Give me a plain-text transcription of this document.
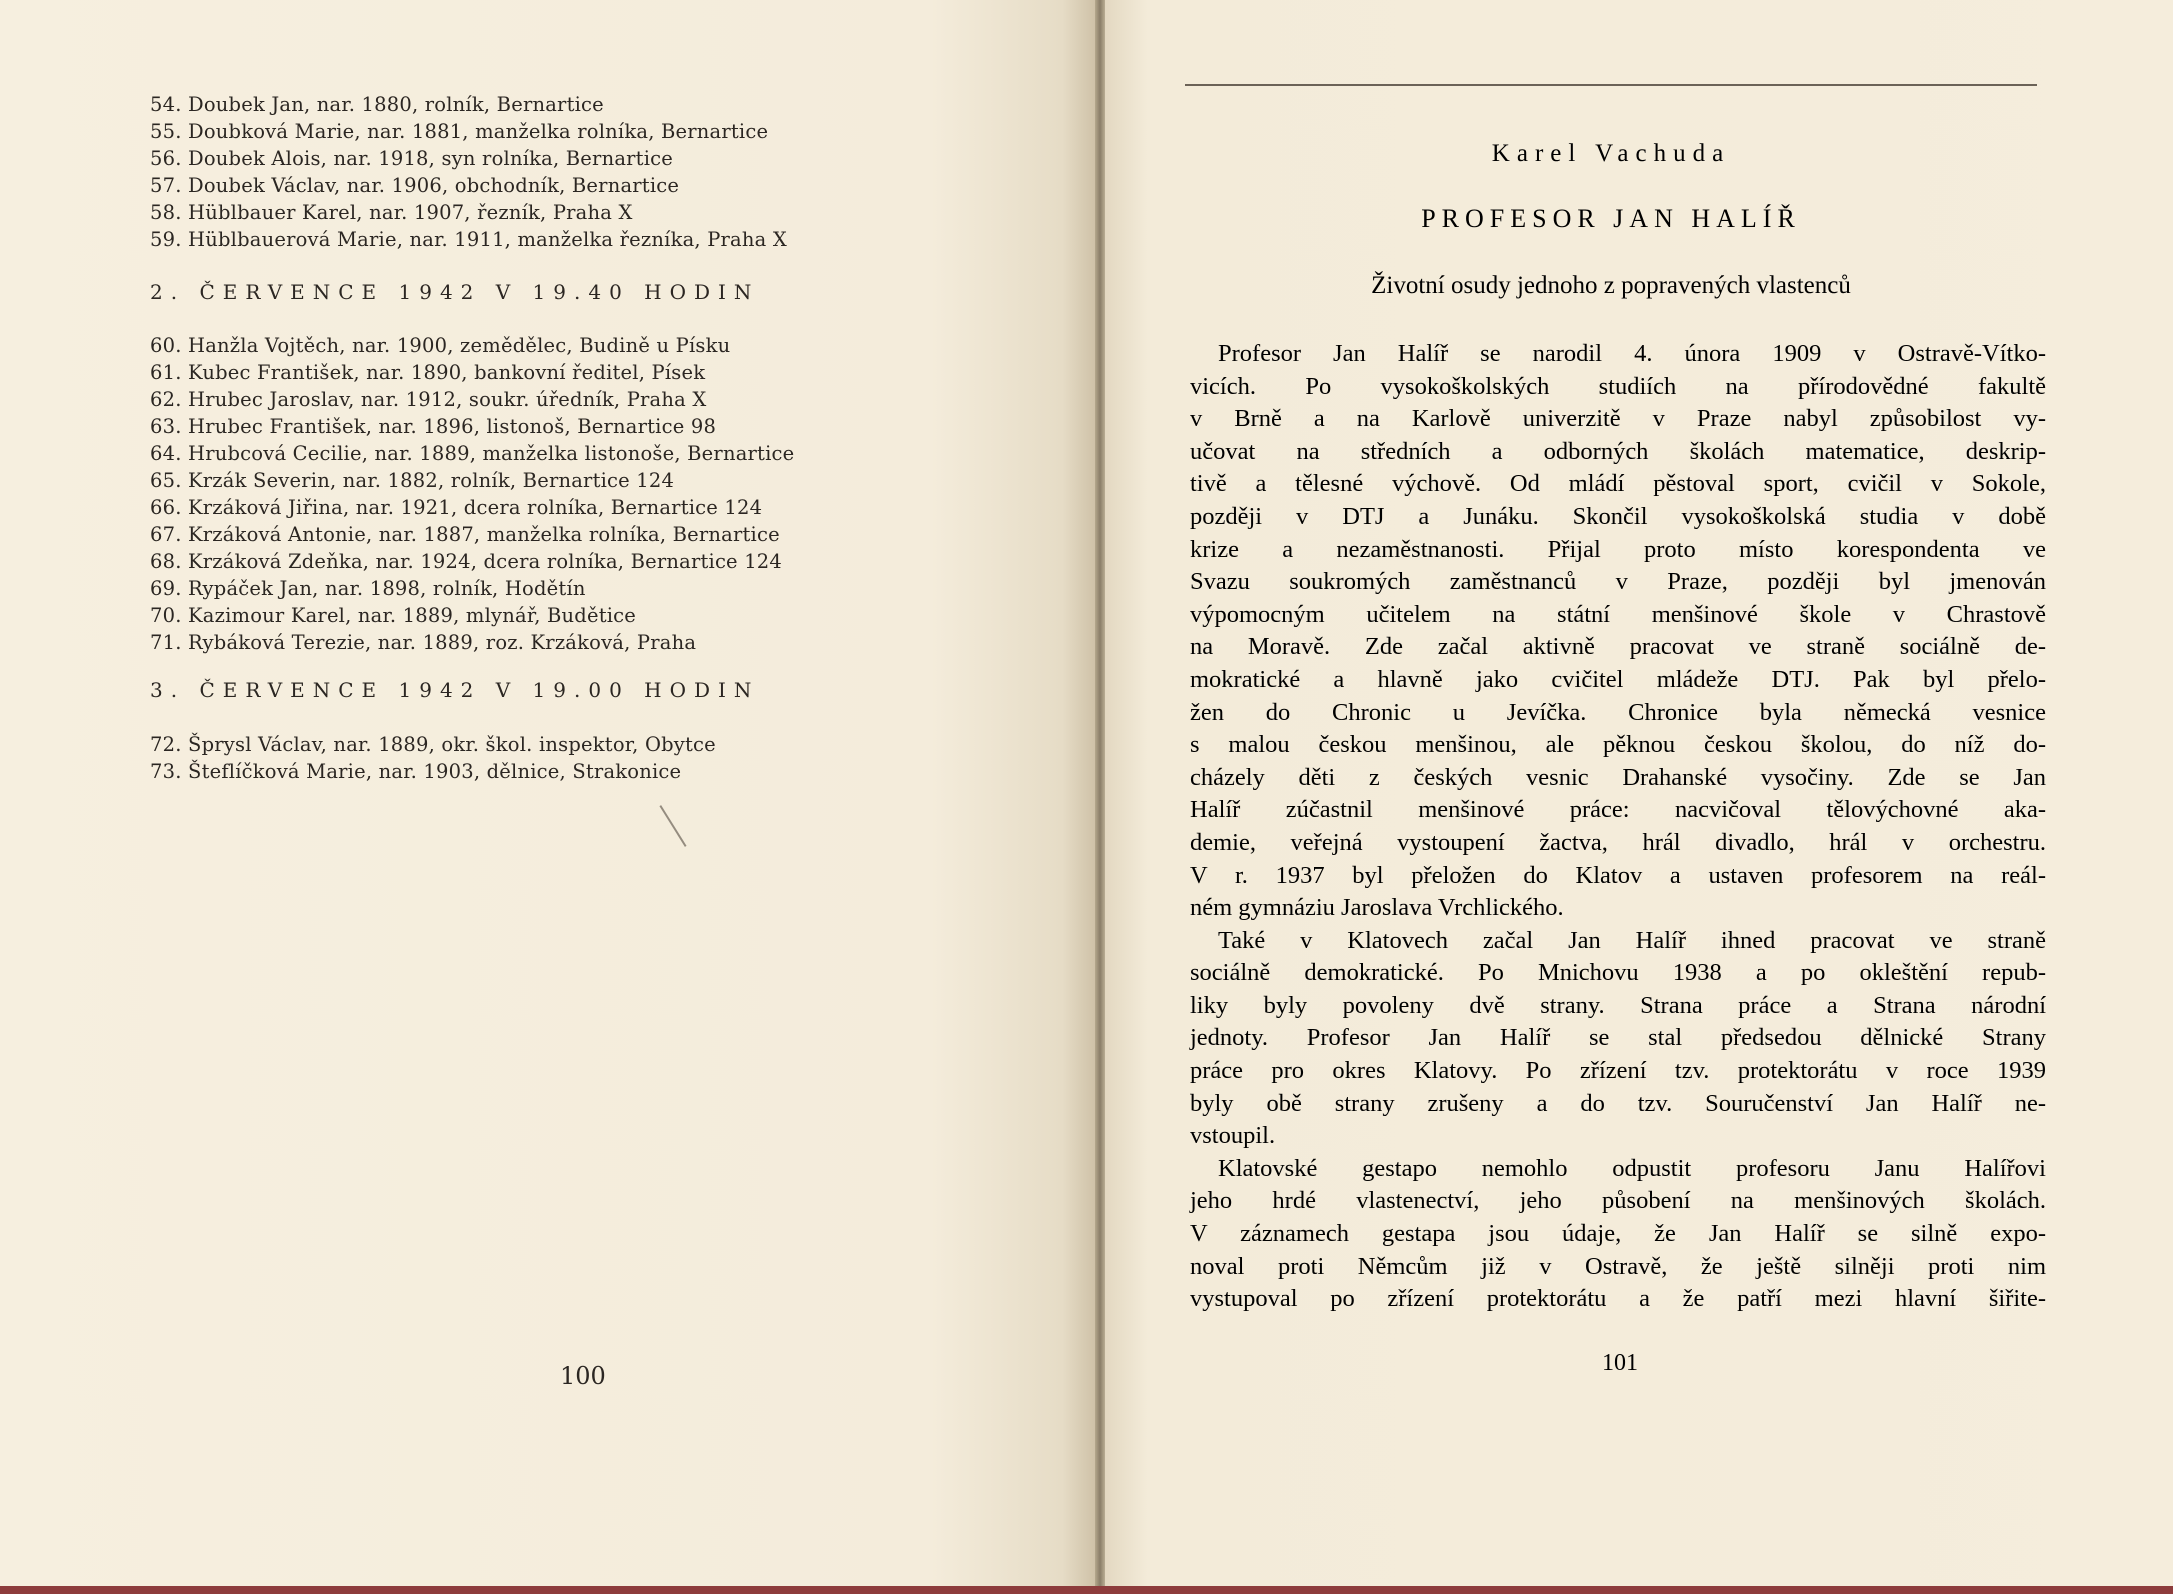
54. Doubek Jan, nar. 1880, rolník, Bernartice
55. Doubková Marie, nar. 1881, manželka rolníka, Bernartice
56. Doubek Alois, nar. 1918, syn rolníka, Bernartice
57. Doubek Václav, nar. 1906, obchodník, Bernartice
58. Hüblbauer Karel, nar. 1907, řezník, Praha X
59. Hüblbauerová Marie, nar. 1911, manželka řezníka, Praha X
2. ČERVENCE 1942 V 19.40 HODIN
60. Hanžla Vojtěch, nar. 1900, zemědělec, Budině u Písku
61. Kubec František, nar. 1890, bankovní ředitel, Písek
62. Hrubec Jaroslav, nar. 1912, soukr. úředník, Praha X
63. Hrubec František, nar. 1896, listonoš, Bernartice 98
64. Hrubcová Cecilie, nar. 1889, manželka listonoše, Bernartice
65. Krzák Severin, nar. 1882, rolník, Bernartice 124
66. Krzáková Jiřina, nar. 1921, dcera rolníka, Bernartice 124
67. Krzáková Antonie, nar. 1887, manželka rolníka, Bernartice
68. Krzáková Zdeňka, nar. 1924, dcera rolníka, Bernartice 124
69. Rypáček Jan, nar. 1898, rolník, Hodětín
70. Kazimour Karel, nar. 1889, mlynář, Budětice
71. Rybáková Terezie, nar. 1889, roz. Krzáková, Praha
3. ČERVENCE 1942 V 19.00 HODIN
72. Šprysl Václav, nar. 1889, okr. škol. inspektor, Obytce
73. Šteflíčková Marie, nar. 1903, dělnice, Strakonice
100
Karel Vachuda
PROFESOR JAN HALÍŘ
Životní osudy jednoho z popravených vlastenců
Profesor Jan Halíř se narodil 4. února 1909 v Ostravě-Vítko-
vicích. Po vysokoškolských studiích na přírodovědné fakultě
v Brně a na Karlově univerzitě v Praze nabyl způsobilost vy-
učovat na středních a odborných školách matematice, deskrip-
tivě a tělesné výchově. Od mládí pěstoval sport, cvičil v Sokole,
později v DTJ a Junáku. Skončil vysokoškolská studia v době
krize a nezaměstnanosti. Přijal proto místo korespondenta ve
Svazu soukromých zaměstnanců v Praze, později byl jmenován
výpomocným učitelem na státní menšinové škole v Chrastově
na Moravě. Zde začal aktivně pracovat ve straně sociálně de-
mokratické a hlavně jako cvičitel mládeže DTJ. Pak byl přelo-
žen do Chronic u Jevíčka. Chronice byla německá vesnice
s malou českou menšinou, ale pěknou českou školou, do níž do-
cházely děti z českých vesnic Drahanské vysočiny. Zde se Jan
Halíř zúčastnil menšinové práce: nacvičoval tělovýchovné aka-
demie, veřejná vystoupení žactva, hrál divadlo, hrál v orchestru.
V r. 1937 byl přeložen do Klatov a ustaven profesorem na reál-
ném gymnáziu Jaroslava Vrchlického.
Také v Klatovech začal Jan Halíř ihned pracovat ve straně
sociálně demokratické. Po Mnichovu 1938 a po okleštění repub-
liky byly povoleny dvě strany. Strana práce a Strana národní
jednoty. Profesor Jan Halíř se stal předsedou dělnické Strany
práce pro okres Klatovy. Po zřízení tzv. protektorátu v roce 1939
byly obě strany zrušeny a do tzv. Souručenství Jan Halíř ne-
vstoupil.
Klatovské gestapo nemohlo odpustit profesoru Janu Halířovi
jeho hrdé vlastenectví, jeho působení na menšinových školách.
V záznamech gestapa jsou údaje, že Jan Halíř se silně expo-
noval proti Němcům již v Ostravě, že ještě silněji proti nim
vystupoval po zřízení protektorátu a že patří mezi hlavní šiřite-
101
